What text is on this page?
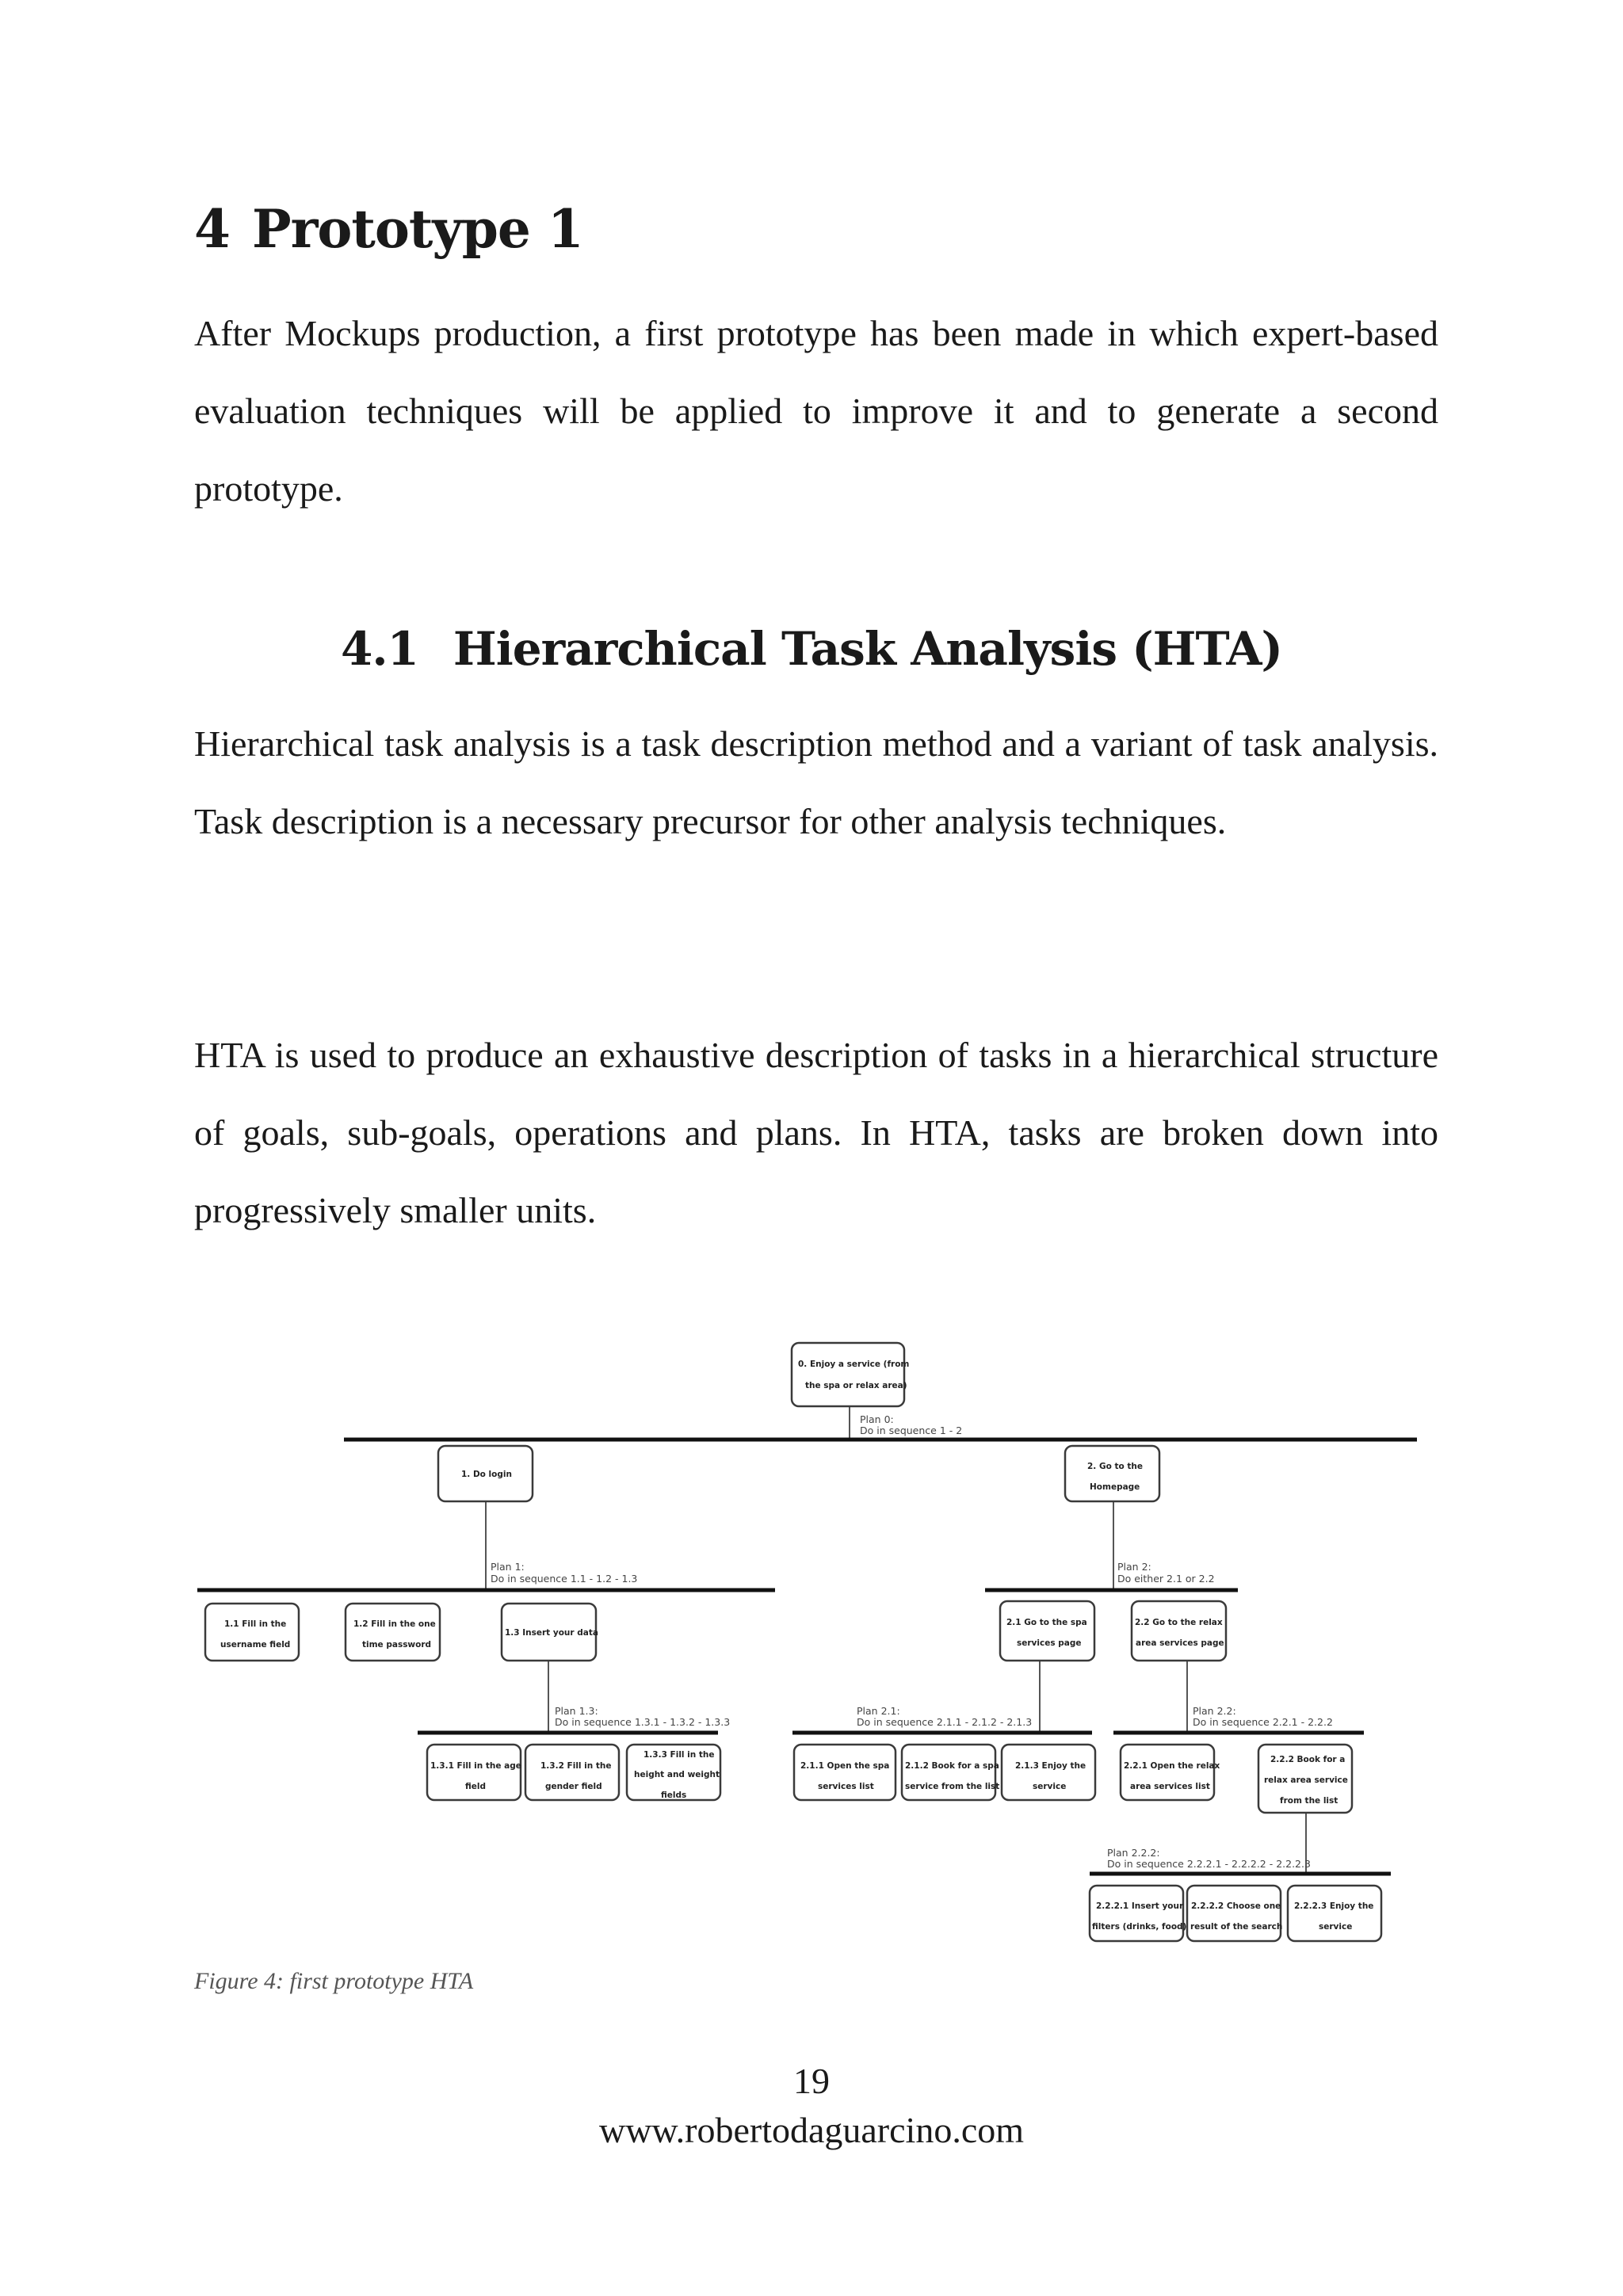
4 Prototype 1

After Mockups production, a first prototype has been made in which expert-based evaluation techniques will be applied to improve it and to generate a second prototype.

4.1 Hierarchical Task Analysis (HTA)

Hierarchical task analysis is a task description method and a variant of task analysis. Task description is a necessary precursor for other analysis techniques.

HTA is used to produce an exhaustive description of tasks in a hierarchical structure of goals, sub-goals, operations and plans. In HTA, tasks are broken down into progressively smaller units.

Plan 0: Do in sequence 1 - 2
Plan 1: Do in sequence 1.1 - 1.2 - 1.3
Plan 2: Do either 2.1 or 2.2
Plan 1.3: Do in sequence 1.3.1 - 1.3.2 - 1.3.3
Plan 2.1: Do in sequence 2.1.1 - 2.1.2 - 2.1.3
Plan 2.2: Do in sequence 2.2.1 - 2.2.2
Plan 2.2.2: Do in sequence 2.2.2.1 - 2.2.2.2 - 2.2.2.3
0. Enjoy a service (from
the spa or relax area)
1. Do login
2. Go to the
Homepage
1.1 Fill in the
username field
1.2 Fill in the one
time password
1.3 Insert your data
2.1 Go to the spa
services page
2.2 Go to the relax
area services page
1.3.1 Fill in the age
field
1.3.2 Fill in the
gender field
1.3.3 Fill in the
height and weight
fields
2.1.1 Open the spa
services list
2.1.2 Book for a spa
service from the list
2.1.3 Enjoy the
service
2.2.1 Open the relax
area services list
2.2.2 Book for a
relax area service
from the list
2.2.2.1 Insert your
filters (drinks, food)
2.2.2.2 Choose one
result of the search
2.2.2.3 Enjoy the
service

Figure 4: first prototype HTA

19
www.robertodaguarcino.com
